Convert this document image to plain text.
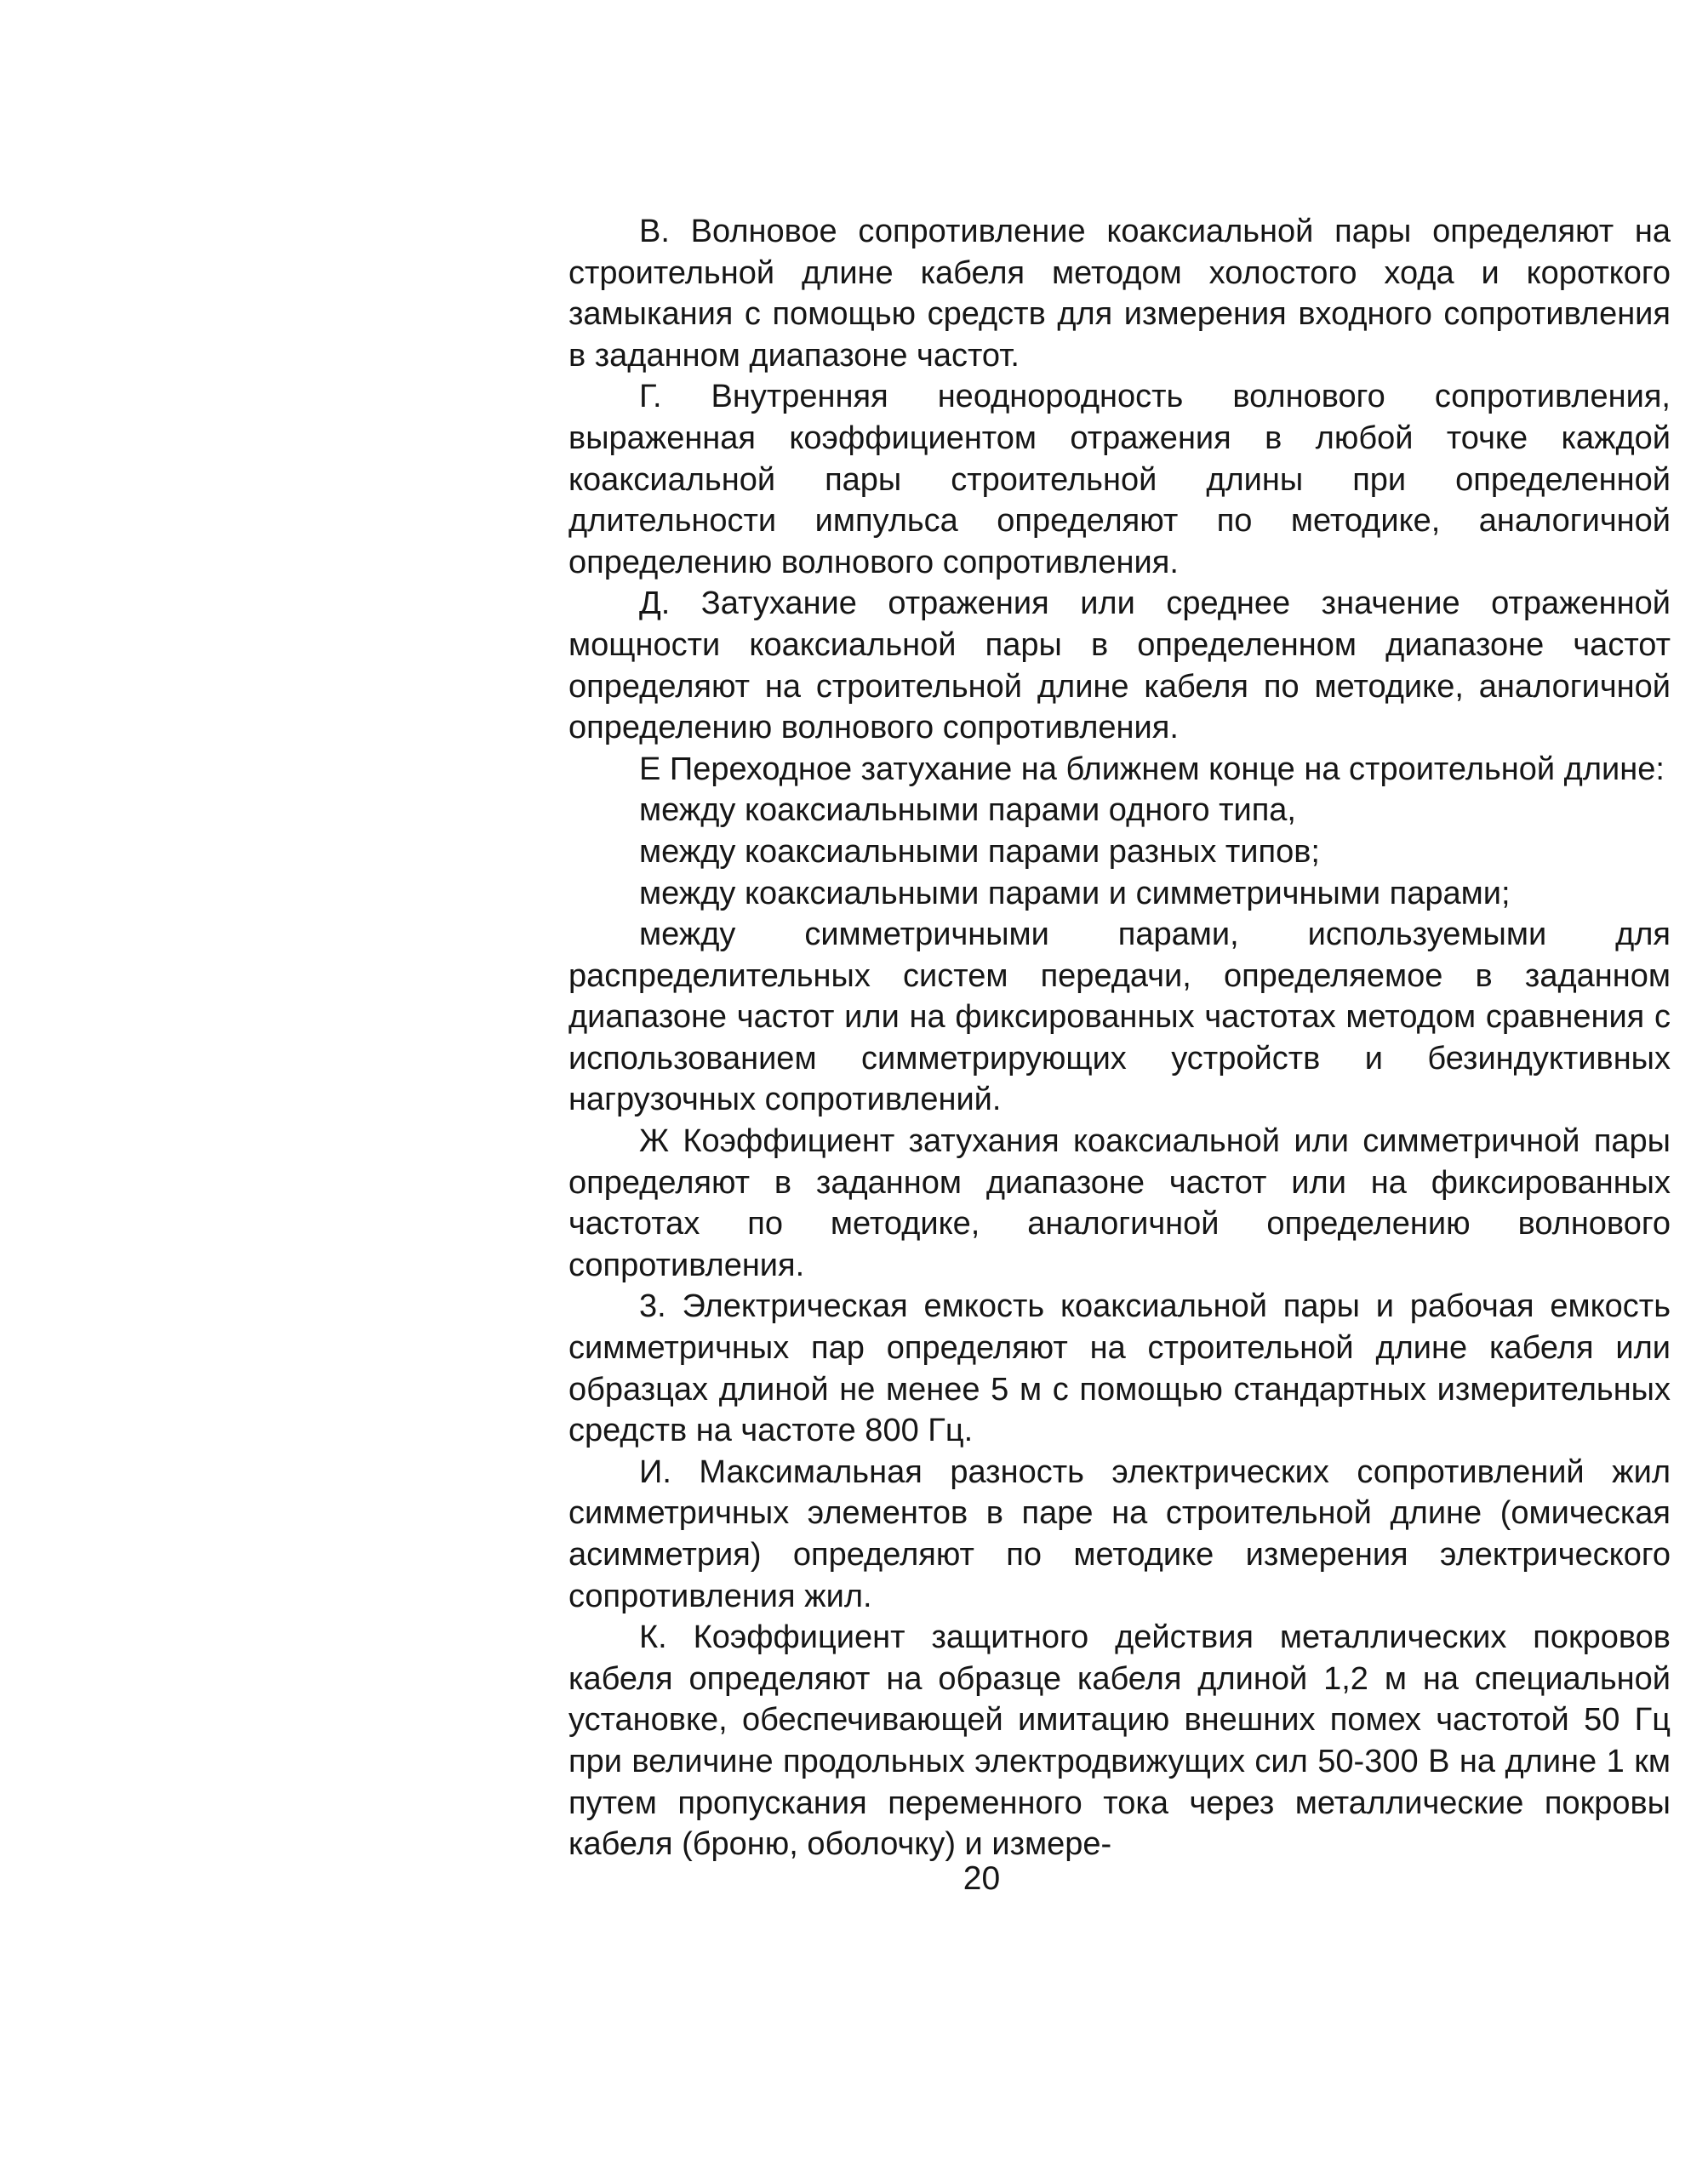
В. Волновое сопротивление коаксиальной пары определяют на строительной длине кабеля методом холостого хода и короткого замыкания с помощью средств для измерения входного сопротивления в заданном диапазоне частот.

Г. Внутренняя неоднородность волнового сопротивления, выраженная коэффициентом отражения в любой точке каждой коаксиальной пары строительной длины при определенной длительности импульса определяют по методике, аналогичной определению волнового сопротивления.

Д. Затухание отражения или среднее значение отраженной мощности коаксиальной пары в определенном диапазоне частот определяют на строительной длине кабеля по методике, аналогичной определению волнового сопротивления.

Е Переходное затухание на ближнем конце на строительной длине:

между коаксиальными парами одного типа,

между коаксиальными парами разных типов;

между коаксиальными парами и симметричными парами;

между симметричными парами, используемыми для распределительных систем передачи, определяемое в заданном диапазоне частот или на фиксированных частотах методом сравнения с использованием симметрирующих устройств и безиндуктивных нагрузочных сопротивлений.

Ж Коэффициент затухания коаксиальной или симметричной пары определяют в заданном диапазоне частот или на фиксированных частотах по методике, аналогичной определению волнового сопротивления.

3. Электрическая емкость коаксиальной пары и рабочая емкость симметричных пар определяют на строительной длине кабеля или образцах длиной не менее 5 м с помощью стандартных измерительных средств на частоте 800 Гц.

И. Максимальная разность электрических сопротивлений жил симметричных элементов в паре на строительной длине (омическая асимметрия) определяют по методике измерения электрического сопротивления жил.

К. Коэффициент защитного действия металлических покровов кабеля определяют на образце кабеля длиной 1,2 м на специальной установке, обеспечивающей имитацию внешних помех частотой 50 Гц при величине продольных электродвижущих сил 50-300 В на длине 1 км путем пропускания переменного тока через металлические покровы кабеля (броню, оболочку) и измере-

20
